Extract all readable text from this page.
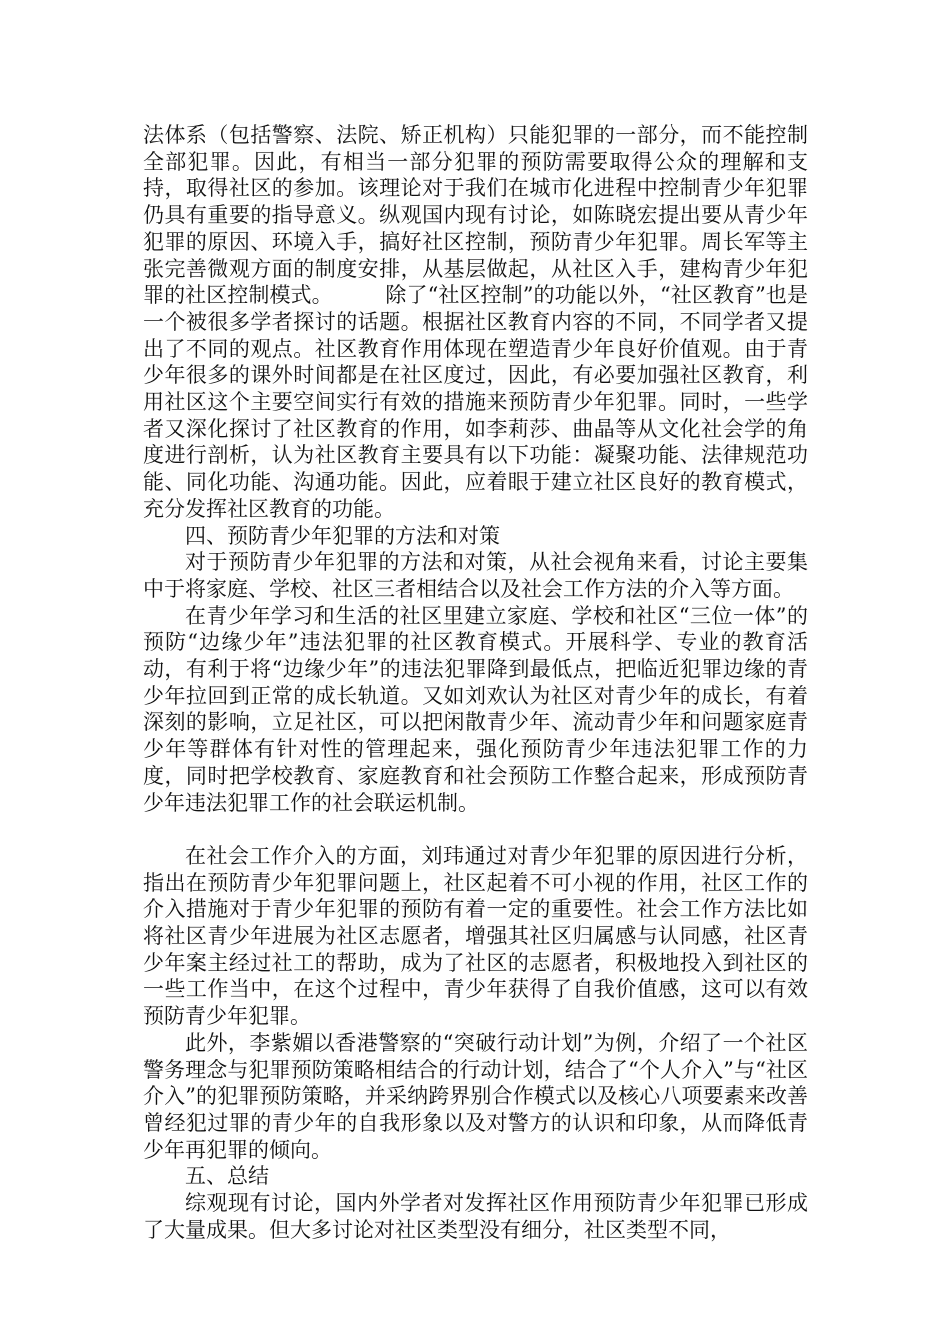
法体系（包括警察、法院、矫正机构）只能犯罪的一部分，而不能控制全部犯罪。因此，有相当一部分犯罪的预防需要取得公众的理解和支持，取得社区的参加。该理论对于我们在城市化进程中控制青少年犯罪仍具有重要的指导意义。纵观国内现有讨论，如陈晓宏提出要从青少年犯罪的原因、环境入手，搞好社区控制，预防青少年犯罪。周长军等主张完善微观方面的制度安排，从基层做起，从社区入手，建构青少年犯罪的社区控制模式。　　　除了“社区控制”的功能以外，“社区教育”也是一个被很多学者探讨的话题。根据社区教育内容的不同，不同学者又提出了不同的观点。社区教育作用体现在塑造青少年良好价值观。由于青少年很多的课外时间都是在社区度过，因此，有必要加强社区教育，利用社区这个主要空间实行有效的措施来预防青少年犯罪。同时，一些学者又深化探讨了社区教育的作用，如李莉莎、曲晶等从文化社会学的角度进行剖析，认为社区教育主要具有以下功能：凝聚功能、法律规范功能、同化功能、沟通功能。因此，应着眼于建立社区良好的教育模式，充分发挥社区教育的功能。

四、预防青少年犯罪的方法和对策

对于预防青少年犯罪的方法和对策，从社会视角来看，讨论主要集中于将家庭、学校、社区三者相结合以及社会工作方法的介入等方面。

在青少年学习和生活的社区里建立家庭、学校和社区“三位一体”的预防“边缘少年”违法犯罪的社区教育模式。开展科学、专业的教育活动，有利于将“边缘少年”的违法犯罪降到最低点，把临近犯罪边缘的青少年拉回到正常的成长轨道。又如刘欢认为社区对青少年的成长，有着深刻的影响，立足社区，可以把闲散青少年、流动青少年和问题家庭青少年等群体有针对性的管理起来，强化预防青少年违法犯罪工作的力度，同时把学校教育、家庭教育和社会预防工作整合起来，形成预防青少年违法犯罪工作的社会联运机制。

在社会工作介入的方面，刘玮通过对青少年犯罪的原因进行分析，指出在预防青少年犯罪问题上，社区起着不可小视的作用，社区工作的介入措施对于青少年犯罪的预防有着一定的重要性。社会工作方法比如将社区青少年进展为社区志愿者，增强其社区归属感与认同感，社区青少年案主经过社工的帮助，成为了社区的志愿者，积极地投入到社区的一些工作当中，在这个过程中，青少年获得了自我价值感，这可以有效预防青少年犯罪。

此外，李紫媚以香港警察的“突破行动计划”为例，介绍了一个社区警务理念与犯罪预防策略相结合的行动计划，结合了“个人介入”与“社区介入”的犯罪预防策略，并采纳跨界别合作模式以及核心八项要素来改善曾经犯过罪的青少年的自我形象以及对警方的认识和印象，从而降低青少年再犯罪的倾向。

五、总结

综观现有讨论，国内外学者对发挥社区作用预防青少年犯罪已形成了大量成果。但大多讨论对社区类型没有细分，社区类型不同，
